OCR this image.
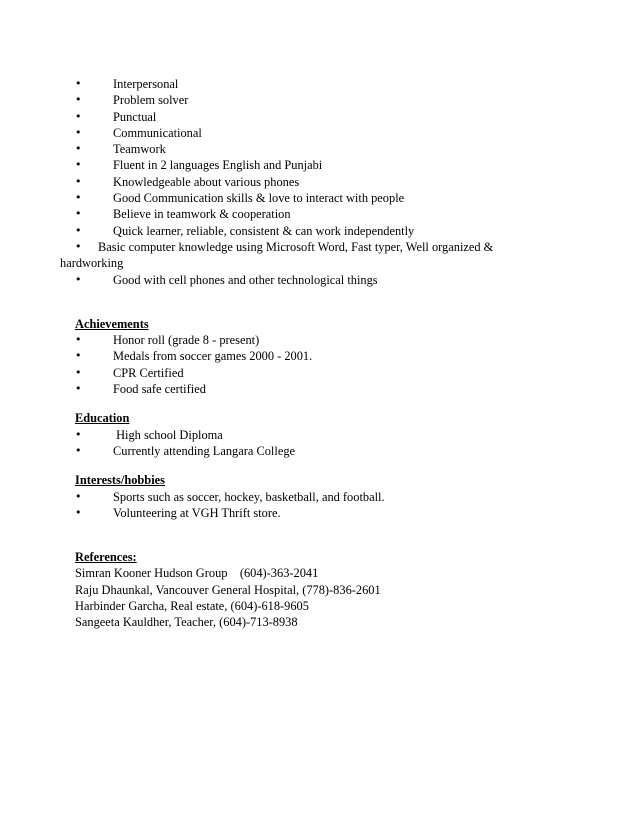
•	Interpersonal
•	Problem solver
•	Punctual
•	Communicational
•	Teamwork
•	Fluent in 2 languages English and Punjabi
•	Knowledgeable about various phones
•	Good Communication skills & love to interact with people
•	Believe in teamwork & cooperation
•	Quick learner, reliable, consistent & can work independently
• Basic computer knowledge using Microsoft Word, Fast typer, Well organized & hardworking
•	Good with cell phones and other technological things

Achievements

•	Honor roll (grade 8 - present)
•	Medals from soccer games 2000 - 2001.
•	CPR Certified
•	Food safe certified

Education

•	High school Diploma
•	Currently attending Langara College

Interests/hobbies

•	Sports such as soccer, hockey, basketball, and football.
•	Volunteering at VGH Thrift store.

References:

Simran Kooner Hudson Group    (604)-363-2041

Raju Dhaunkal, Vancouver General Hospital, (778)-836-2601

Harbinder Garcha, Real estate, (604)-618-9605

Sangeeta Kauldher, Teacher, (604)-713-8938
